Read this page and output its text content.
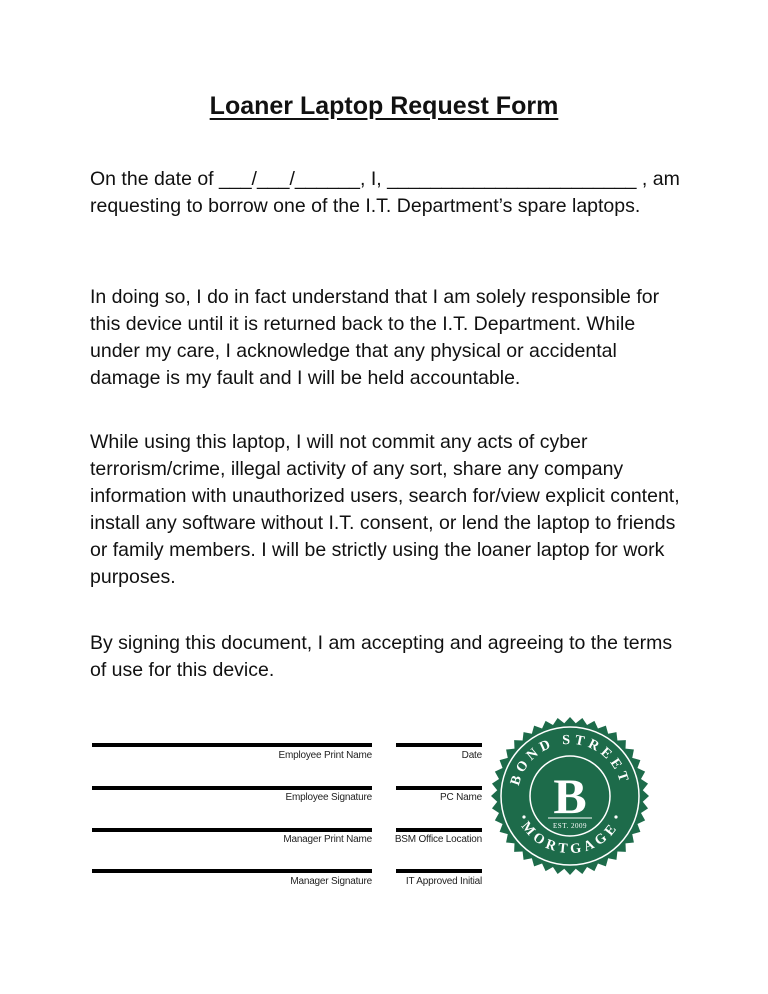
Loaner Laptop Request Form

On the date of ___/___/______, I, _______________________ , am requesting to borrow one of the I.T. Department’s spare laptops.

In doing so, I do in fact understand that I am solely responsible for this device until it is returned back to the I.T. Department. While under my care, I acknowledge that any physical or accidental damage is my fault and I will be held accountable.

While using this laptop, I will not commit any acts of cyber terrorism/crime, illegal activity of any sort, share any company information with unauthorized users, search for/view explicit content, install any software without I.T. consent, or lend the laptop to friends or family members. I will be strictly using the loaner laptop for work purposes.

By signing this document, I am accepting and agreeing to the terms of use for this device.

Employee Print Name
Employee Signature
Manager Print Name
Manager Signature
Date
PC Name
BSM Office Location
IT Approved Initial
BOND STREET
MORTGAGE
B
EST. 2009
